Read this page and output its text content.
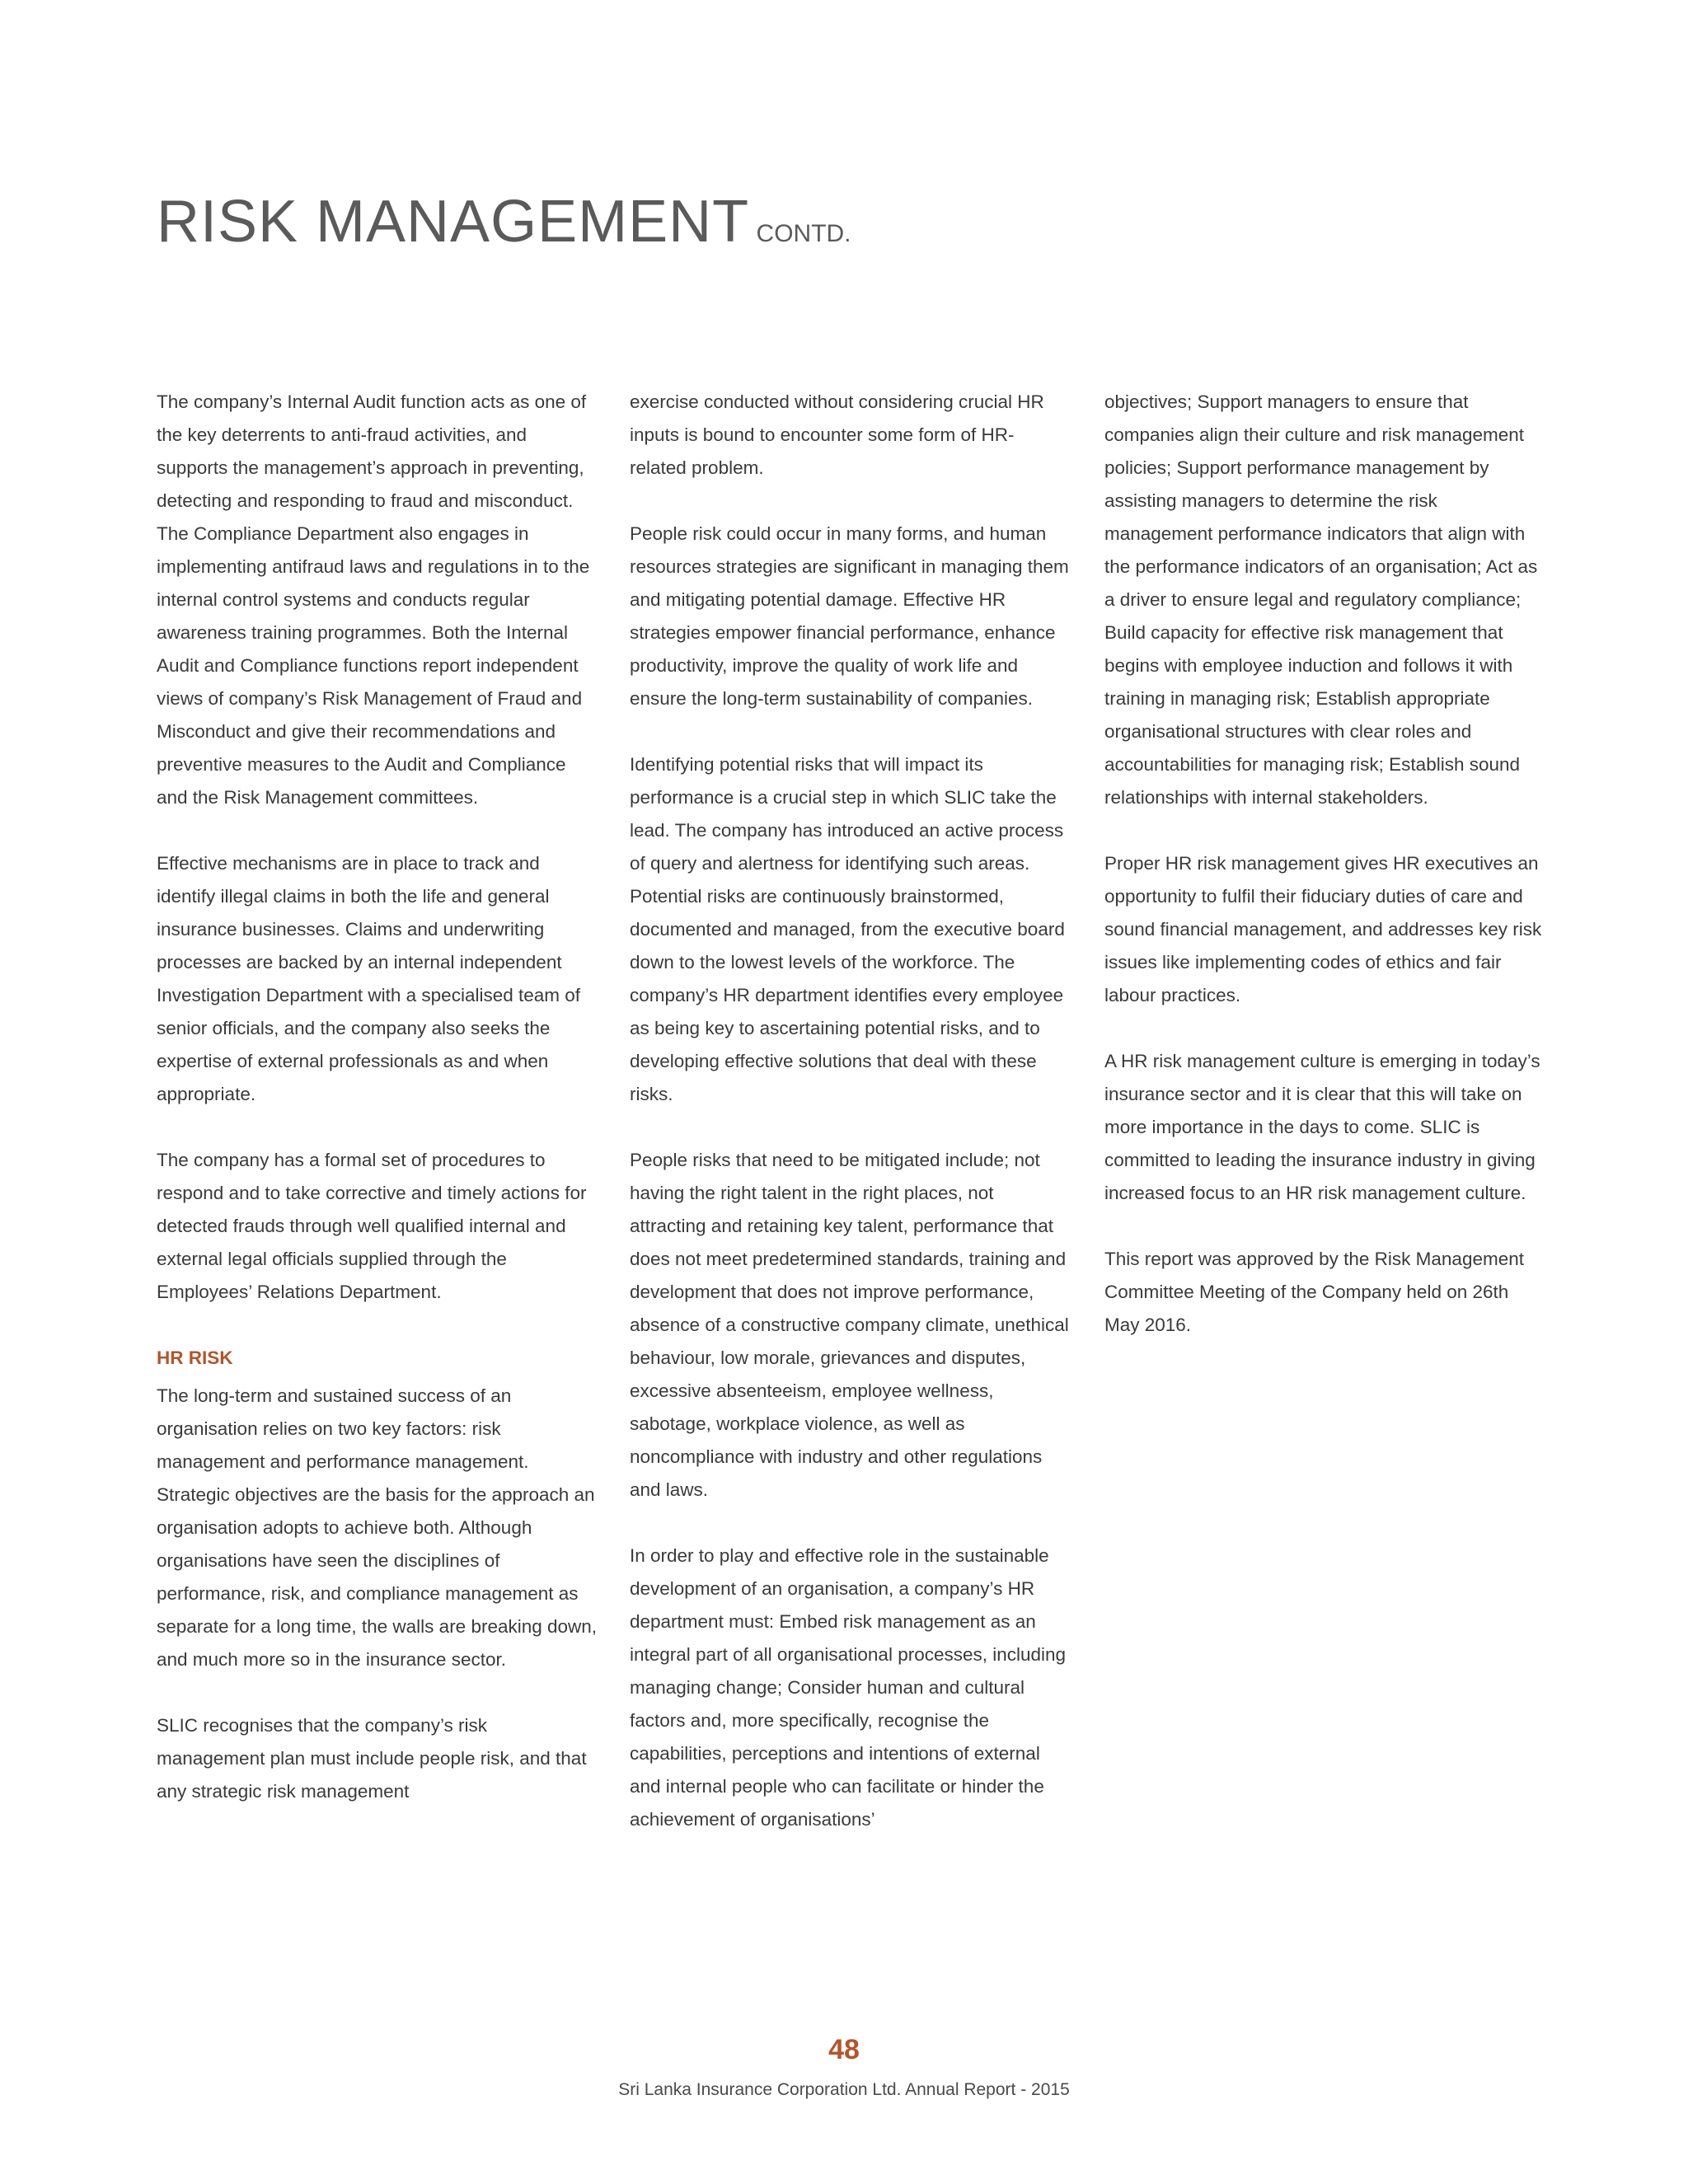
RISK MANAGEMENT CONTD.

The company’s Internal Audit function acts as one of the key deterrents to anti-fraud activities, and supports the management’s approach in preventing, detecting and responding to fraud and misconduct. The Compliance Department also engages in implementing antifraud laws and regulations in to the internal control systems and conducts regular awareness training programmes. Both the Internal Audit and Compliance functions report independent views of company’s Risk Management of Fraud and Misconduct and give their recommendations and preventive measures to the Audit and Compliance and the Risk Management committees.

Effective mechanisms are in place to track and identify illegal claims in both the life and general insurance businesses. Claims and underwriting processes are backed by an internal independent Investigation Department with a specialised team of senior officials, and the company also seeks the expertise of external professionals as and when appropriate.

The company has a formal set of procedures to respond and to take corrective and timely actions for detected frauds through well qualified internal and external legal officials supplied through the Employees’ Relations Department.

HR RISK

The long-term and sustained success of an organisation relies on two key factors: risk management and performance management. Strategic objectives are the basis for the approach an organisation adopts to achieve both. Although organisations have seen the disciplines of performance, risk, and compliance management as separate for a long time, the walls are breaking down, and much more so in the insurance sector.

SLIC recognises that the company’s risk management plan must include people risk, and that any strategic risk management

exercise conducted without considering crucial HR inputs is bound to encounter some form of HR-related problem.

People risk could occur in many forms, and human resources strategies are significant in managing them and mitigating potential damage. Effective HR strategies empower financial performance, enhance productivity, improve the quality of work life and ensure the long-term sustainability of companies.

Identifying potential risks that will impact its performance is a crucial step in which SLIC take the lead. The company has introduced an active process of query and alertness for identifying such areas. Potential risks are continuously brainstormed, documented and managed, from the executive board down to the lowest levels of the workforce. The company’s HR department identifies every employee as being key to ascertaining potential risks, and to developing effective solutions that deal with these risks.

People risks that need to be mitigated include; not having the right talent in the right places, not attracting and retaining key talent, performance that does not meet predetermined standards, training and development that does not improve performance, absence of a constructive company climate, unethical behaviour, low morale, grievances and disputes, excessive absenteeism, employee wellness, sabotage, workplace violence, as well as noncompliance with industry and other regulations and laws.

In order to play and effective role in the sustainable development of an organisation, a company’s HR department must: Embed risk management as an integral part of all organisational processes, including managing change; Consider human and cultural factors and, more specifically, recognise the capabilities, perceptions and intentions of external and internal people who can facilitate or hinder the achievement of organisations’

objectives; Support managers to ensure that companies align their culture and risk management policies; Support performance management by assisting managers to determine the risk management performance indicators that align with the performance indicators of an organisation; Act as a driver to ensure legal and regulatory compliance; Build capacity for effective risk management that begins with employee induction and follows it with training in managing risk; Establish appropriate organisational structures with clear roles and accountabilities for managing risk; Establish sound relationships with internal stakeholders.

Proper HR risk management gives HR executives an opportunity to fulfil their fiduciary duties of care and sound financial management, and addresses key risk issues like implementing codes of ethics and fair labour practices.

A HR risk management culture is emerging in today’s insurance sector and it is clear that this will take on more importance in the days to come. SLIC is committed to leading the insurance industry in giving increased focus to an HR risk management culture.

This report was approved by the Risk Management Committee Meeting of the Company held on 26th May 2016.

48
Sri Lanka Insurance Corporation Ltd. Annual Report - 2015
